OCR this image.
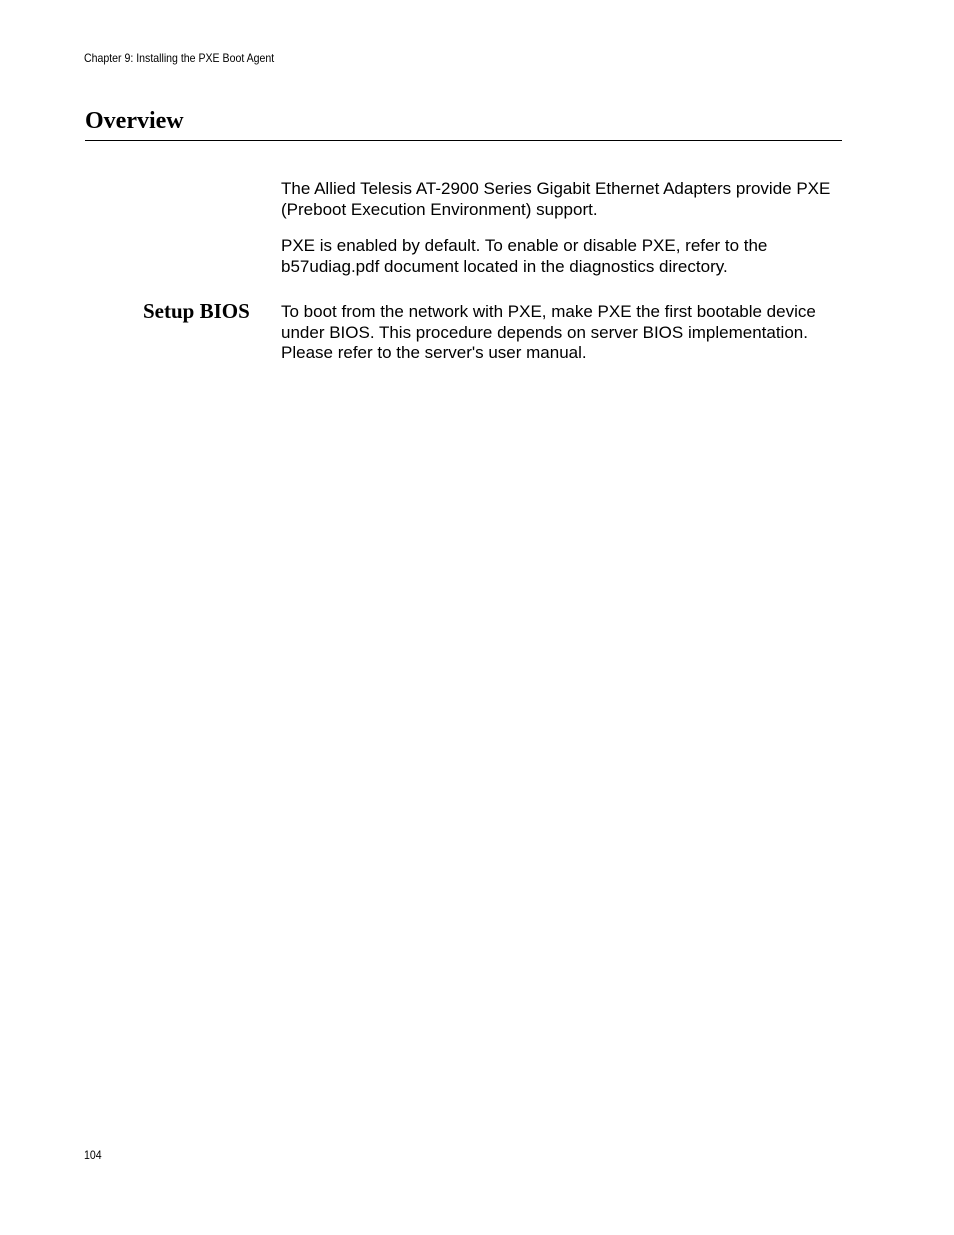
Chapter 9: Installing the PXE Boot Agent
Overview
The Allied Telesis AT-2900 Series Gigabit Ethernet Adapters provide PXE
(Preboot Execution Environment) support.
PXE is enabled by default. To enable or disable PXE, refer to the
b57udiag.pdf document located in the diagnostics directory.
Setup BIOS To boot from the network with PXE, make PXE the first bootable device
under BIOS. This procedure depends on server BIOS implementation.
Please refer to the server's user manual.
104
